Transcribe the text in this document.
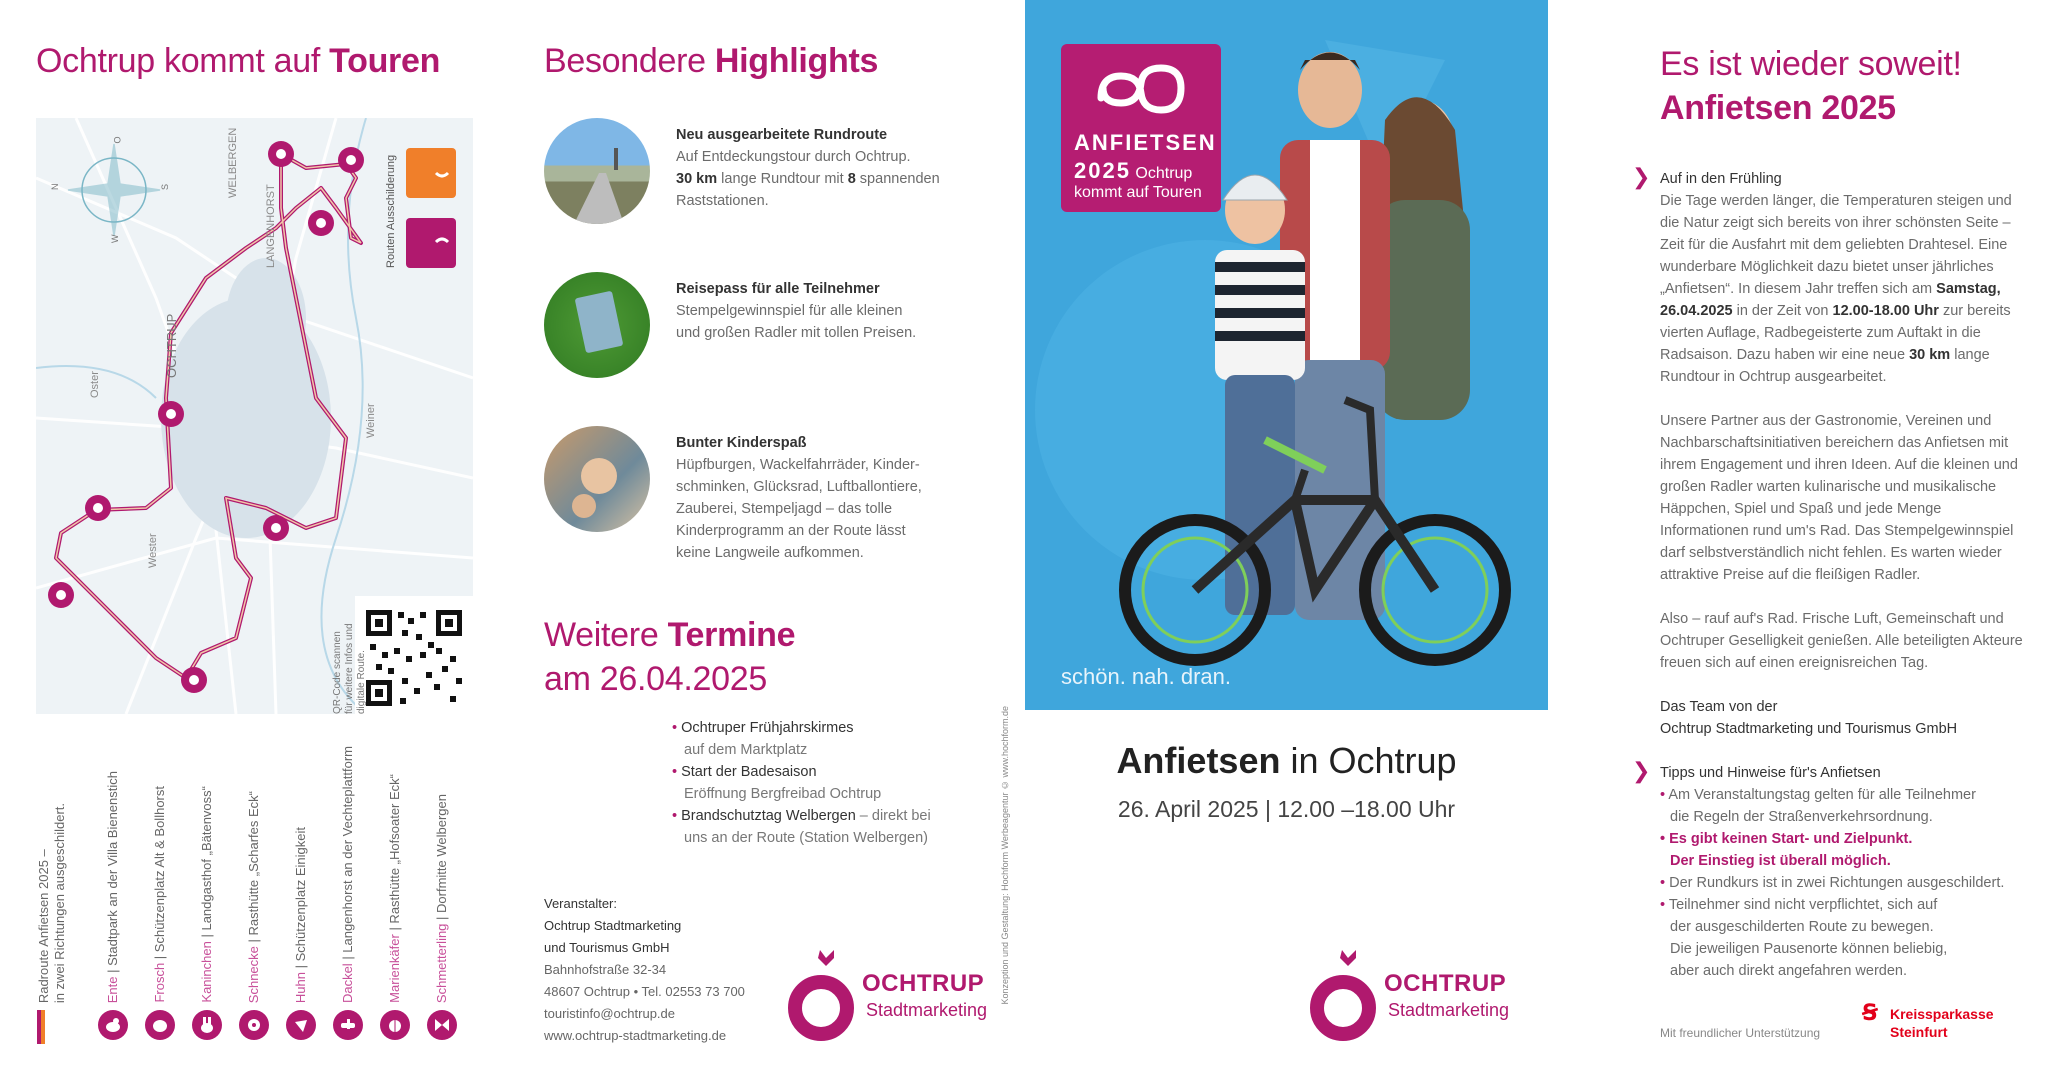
Ochtrup kommt auf Touren
O
N	S
W
WELBERGEN
LANGENHORST
OCHTRUP
Oster
Wester
Weiner
Routen Ausschilderung
QR-Code scannen für weitere Infos und digitale Route.
Radroute Anfietsen 2025 – in zwei Richtungen ausgeschildert.	Ente | Stadtpark an der Villa Bienenstich
Frosch | Schützenplatz Alt & Bollhorst
Kaninchen | Landgasthof „Bätenvoss“
Schnecke | Rasthütte „Scharfes Eck“
Huhn | Schützenplatz Einigkeit
Dackel | Langenhorst an der Vechteplattform
Marienkäfer | Rasthütte „Hofsoater Eck“
Schmetterling | Dorfmitte Welbergen
Besondere Highlights
Neu ausgearbeitete Rundroute
Auf Entdeckungstour durch Ochtrup.
30 km lange Rundtour mit 8 spannenden
Raststationen.
Reisepass für alle Teilnehmer
Stempelgewinnspiel für alle kleinen
und großen Radler mit tollen Preisen.
Bunter Kinderspaß
Hüpfburgen, Wackelfahrräder, Kinder-
schminken, Glücksrad, Luftballontiere,
Zauberei, Stempeljagd – das tolle
Kinderprogramm an der Route lässt
keine Langweile aufkommen.
Weitere Termine
am 26.04.2025
• Ochtruper Frühjahrskirmes
auf dem Marktplatz
• Start der Badesaison
Eröffnung Bergfreibad Ochtrup
• Brandschutztag Welbergen – direkt bei
uns an der Route (Station Welbergen)
Veranstalter:
Ochtrup Stadtmarketing
und Tourismus GmbH
Bahnhofstraße 32-34
48607 Ochtrup • Tel. 02553 73 700
touristinfo@ochtrup.de
www.ochtrup-stadtmarketing.de
OCHTRUP
Stadtmarketing
Konzeption und Gestaltung: Hochform Werbeagentur © www.hochform.de
ANFIETSEN
2025 Ochtrup
kommt auf Touren
schön. nah. dran.
Anfietsen in Ochtrup
26. April 2025 | 12.00 –18.00 Uhr
OCHTRUP
Stadtmarketing
Es ist wieder soweit!
Anfietsen 2025
❯ Auf in den Frühling
Die Tage werden länger, die Temperaturen steigen und die Natur zeigt sich bereits von ihrer schönsten Seite – Zeit für die Ausfahrt mit dem geliebten Drahtesel. Eine wunderbare Möglichkeit dazu bietet unser jährliches „Anfietsen“. In diesem Jahr treffen sich am Samstag, 26.04.2025 in der Zeit von 12.00-18.00 Uhr zur bereits vierten Auflage, Radbegeisterte zum Auftakt in die Radsaison. Dazu haben wir eine neue 30 km lange Rundtour in Ochtrup ausgearbeitet.
Unsere Partner aus der Gastronomie, Vereinen und Nachbarschaftsinitiativen bereichern das Anfietsen mit ihrem Engagement und ihren Ideen. Auf die kleinen und großen Radler warten kulinarische und musikalische Häppchen, Spiel und Spaß und jede Menge Informationen rund um's Rad. Das Stempelgewinnspiel darf selbstverständlich nicht fehlen. Es warten wieder attraktive Preise auf die fleißigen Radler.
Also – rauf auf's Rad. Frische Luft, Gemeinschaft und Ochtruper Geselligkeit genießen. Alle beteiligten Akteure freuen sich auf einen ereignisreichen Tag.
Das Team von der
Ochtrup Stadtmarketing und Tourismus GmbH
❯ Tipps und Hinweise für's Anfietsen
• Am Veranstaltungstag gelten für alle Teilnehmer
die Regeln der Straßenverkehrsordnung.
• Es gibt keinen Start- und Zielpunkt.
Der Einstieg ist überall möglich.
• Der Rundkurs ist in zwei Richtungen ausgeschildert.
• Teilnehmer sind nicht verpflichtet, sich auf
der ausgeschilderten Route zu bewegen.
Die jeweiligen Pausenorte können beliebig,
aber auch direkt angefahren werden.
Mit freundlicher Unterstützung
Ꞩ Kreissparkasse
Steinfurt
